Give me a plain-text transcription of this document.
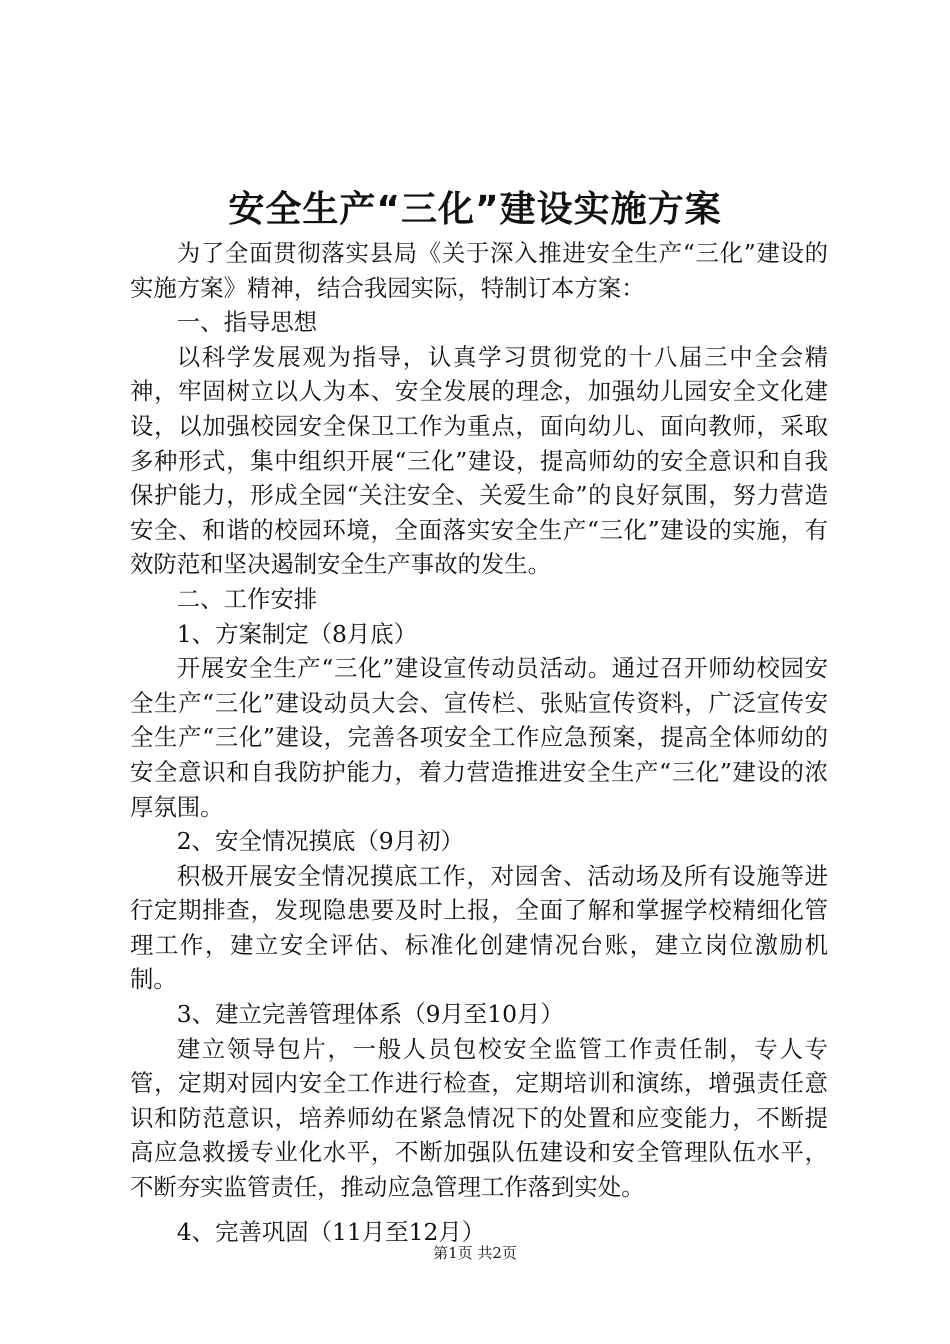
安全生产“三化”建设实施方案

为了全面贯彻落实县局《关于深入推进安全生产“三化”建设的实施方案》精神，结合我园实际，特制订本方案：

一、指导思想

以科学发展观为指导，认真学习贯彻党的十八届三中全会精神，牢固树立以人为本、安全发展的理念，加强幼儿园安全文化建设，以加强校园安全保卫工作为重点，面向幼儿、面向教师，采取多种形式，集中组织开展“三化”建设，提高师幼的安全意识和自我保护能力，形成全园“关注安全、关爱生命”的良好氛围，努力营造安全、和谐的校园环境，全面落实安全生产“三化”建设的实施，有效防范和坚决遏制安全生产事故的发生。

二、工作安排

1、方案制定（8月底）

开展安全生产“三化”建设宣传动员活动。通过召开师幼校园安全生产“三化”建设动员大会、宣传栏、张贴宣传资料，广泛宣传安全生产“三化”建设，完善各项安全工作应急预案，提高全体师幼的安全意识和自我防护能力，着力营造推进安全生产“三化”建设的浓厚氛围。

2、安全情况摸底（9月初）

积极开展安全情况摸底工作，对园舍、活动场及所有设施等进行定期排查，发现隐患要及时上报，全面了解和掌握学校精细化管理工作，建立安全评估、标准化创建情况台账，建立岗位激励机制。

3、建立完善管理体系（9月至10月）

建立领导包片，一般人员包校安全监管工作责任制，专人专管，定期对园内安全工作进行检查，定期培训和演练，增强责任意识和防范意识，培养师幼在紧急情况下的处置和应变能力，不断提高应急救援专业化水平，不断加强队伍建设和安全管理队伍水平，不断夯实监管责任，推动应急管理工作落到实处。

4、完善巩固（11月至12月）

第1页 共2页
